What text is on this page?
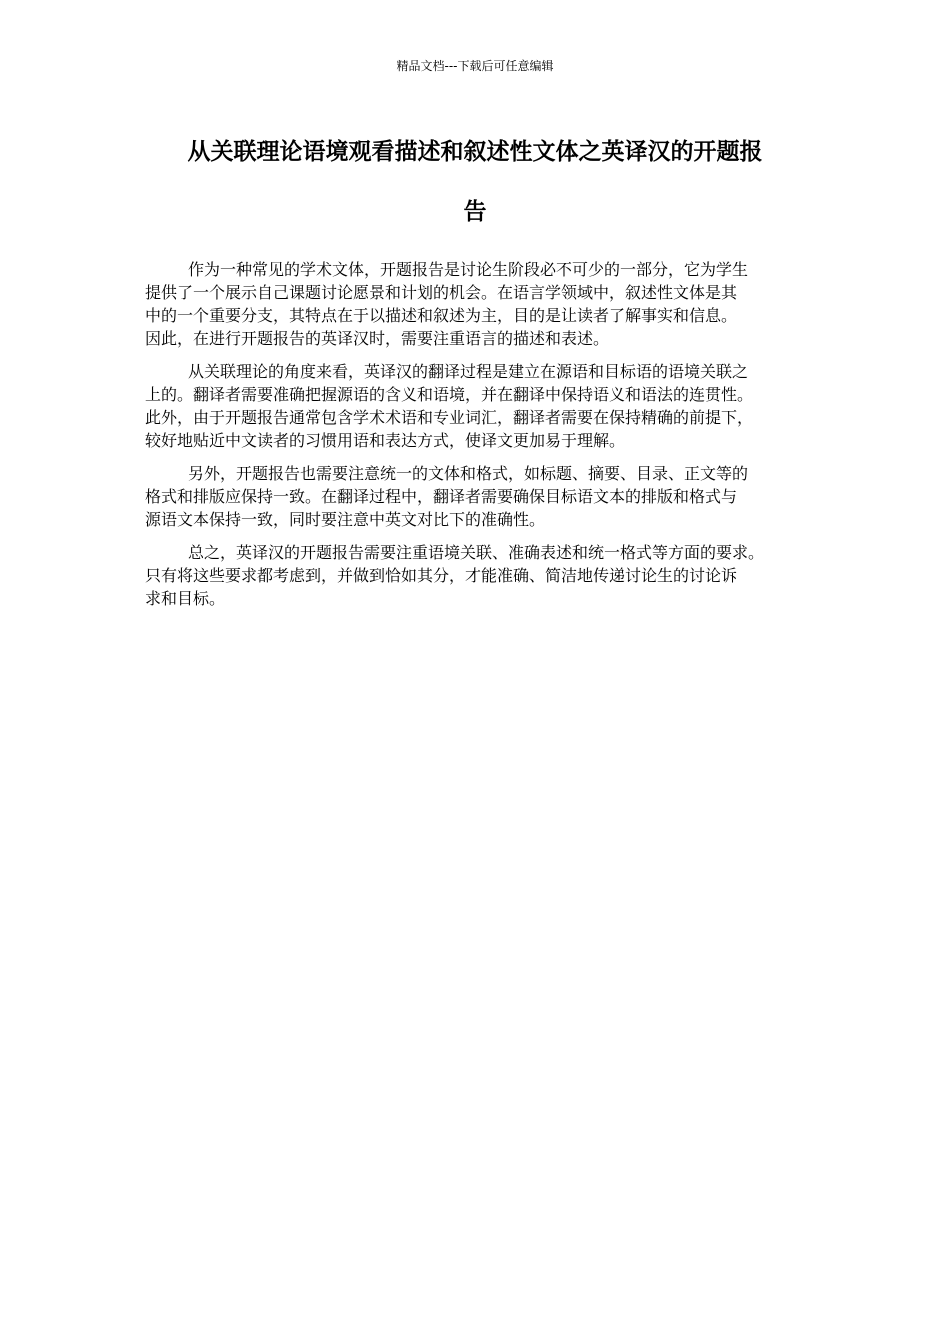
精品文档---下载后可任意编辑
从关联理论语境观看描述和叙述性文体之英译汉的开题报
告

作为一种常见的学术文体，开题报告是讨论生阶段必不可少的一部分，它为学生
提供了一个展示自己课题讨论愿景和计划的机会。在语言学领域中，叙述性文体是其
中的一个重要分支，其特点在于以描述和叙述为主，目的是让读者了解事实和信息。
因此，在进行开题报告的英译汉时，需要注重语言的描述和表述。

从关联理论的角度来看，英译汉的翻译过程是建立在源语和目标语的语境关联之
上的。翻译者需要准确把握源语的含义和语境，并在翻译中保持语义和语法的连贯性。
此外，由于开题报告通常包含学术术语和专业词汇，翻译者需要在保持精确的前提下，
较好地贴近中文读者的习惯用语和表达方式，使译文更加易于理解。

另外，开题报告也需要注意统一的文体和格式，如标题、摘要、目录、正文等的
格式和排版应保持一致。在翻译过程中，翻译者需要确保目标语文本的排版和格式与
源语文本保持一致，同时要注意中英文对比下的准确性。

总之，英译汉的开题报告需要注重语境关联、准确表述和统一格式等方面的要求。
只有将这些要求都考虑到，并做到恰如其分，才能准确、简洁地传递讨论生的讨论诉
求和目标。
